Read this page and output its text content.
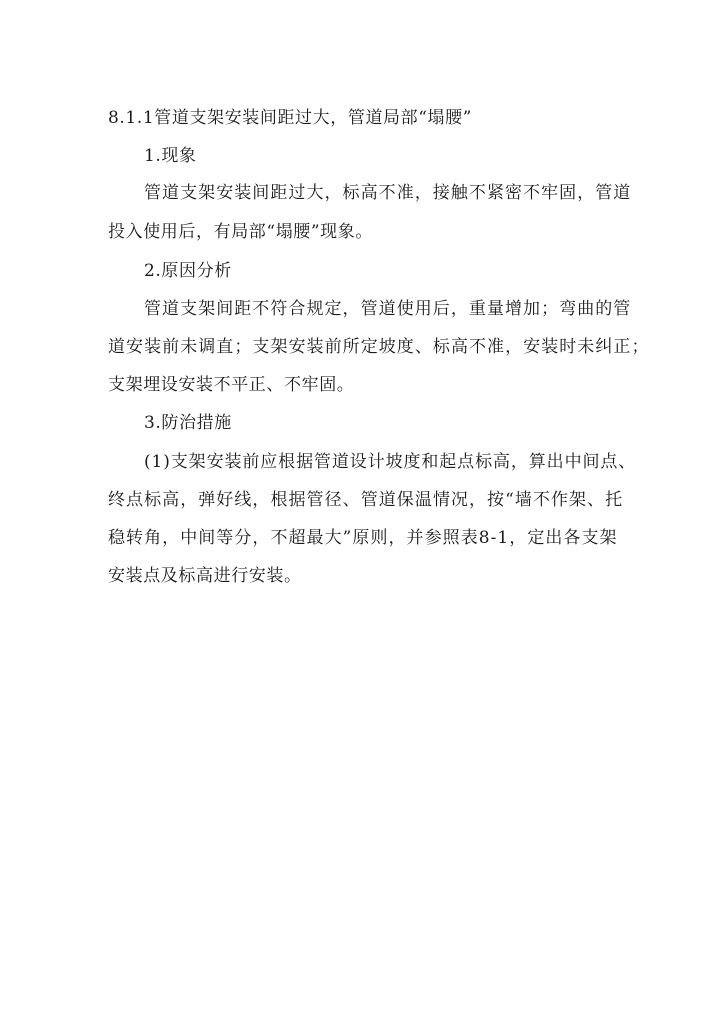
8.1.1管道支架安装间距过大，管道局部“塌腰”
1.现象
管道支架安装间距过大，标高不准，接触不紧密不牢固，管道
投入使用后，有局部“塌腰”现象。
2.原因分析
管道支架间距不符合规定，管道使用后，重量增加；弯曲的管
道安装前未调直；支架安装前所定坡度、标高不准，安装时未纠正；
支架埋设安装不平正、不牢固。
3.防治措施
(1)支架安装前应根据管道设计坡度和起点标高，算出中间点、
终点标高，弹好线，根据管径、管道保温情况，按“墙不作架、托
稳转角，中间等分，不超最大”原则，并参照表8-1，定出各支架
安装点及标高进行安装。
